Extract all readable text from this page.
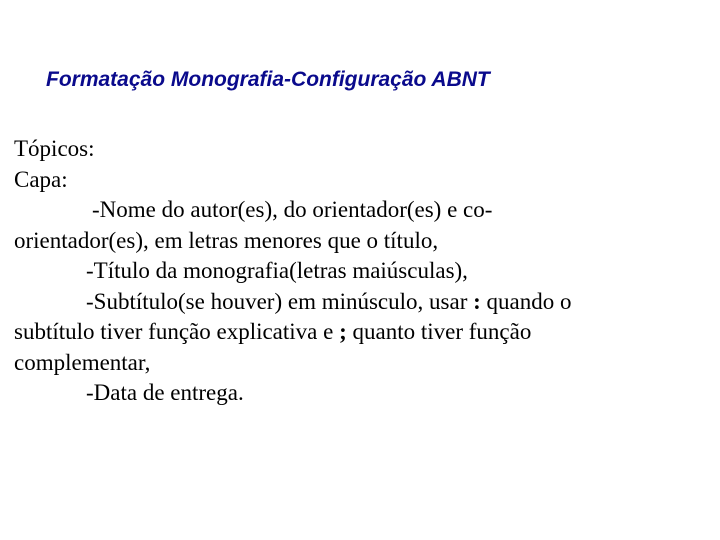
Formatação Monografia-Configuração ABNT

Tópicos:

Capa:

-Nome do autor(es), do orientador(es) e co-
orientador(es), em letras menores que o título,

-Título da monografia(letras maiúsculas),

-Subtítulo(se houver) em minúsculo, usar : quando o
subtítulo tiver função explicativa e ; quanto tiver função
complementar,

-Data de entrega.
